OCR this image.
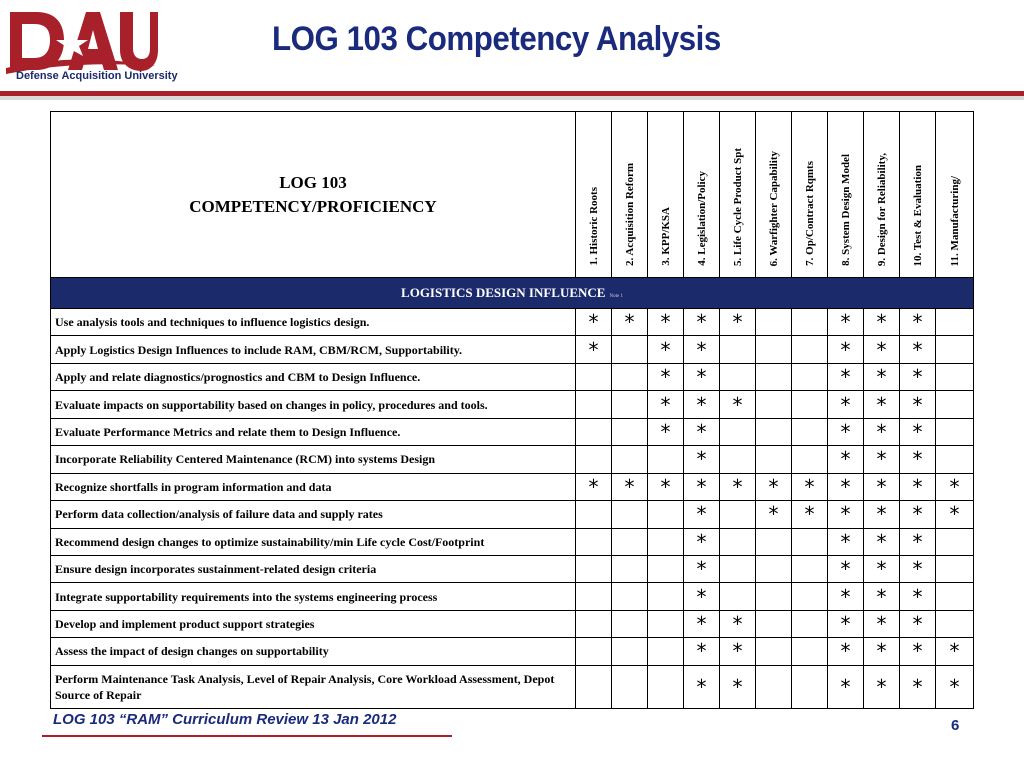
Defense Acquisition University
LOG 103 Competency Analysis
LOG 103
COMPETENCY/PROFICIENCY	1. Historic Roots	2. Acquisition Reform	3. KPP/KSA	4. Legislation/Policy	5. Life Cycle Product Spt	6. Warfighter Capability	7. Op/Contract Rqmts	8. System Design Model	9. Design for Reliability,	10. Test & Evaluation	11. Manufacturing/
LOGISTICS DESIGN INFLUENCE Note 1											
Use analysis tools and techniques to influence logistics design.	*	*	*	*	*			*	*	*	
Apply Logistics Design Influences to include RAM, CBM/RCM, Supportability.	*		*	*				*	*	*	
Apply and relate diagnostics/prognostics and CBM to Design Influence.			*	*				*	*	*	
Evaluate impacts on supportability based on changes in policy, procedures and tools.			*	*	*			*	*	*	
Evaluate Performance Metrics and relate them to Design Influence.			*	*				*	*	*	
Incorporate Reliability Centered Maintenance (RCM) into systems Design				*				*	*	*	
Recognize shortfalls in program information and data	*	*	*	*	*	*	*	*	*	*	*
Perform data collection/analysis of failure data and supply rates				*		*	*	*	*	*	*
Recommend design changes to optimize sustainability/min Life cycle Cost/Footprint				*				*	*	*	
Ensure design incorporates sustainment-related design criteria				*				*	*	*	
Integrate supportability requirements into the systems engineering process				*				*	*	*	
Develop and implement product support strategies				*	*			*	*	*	
Assess the impact of design changes on supportability				*	*			*	*	*	*
Perform Maintenance Task Analysis, Level of Repair Analysis, Core Workload Assessment, Depot Source of Repair				*	*			*	*	*	*
LOG 103 “RAM” Curriculum Review 13 Jan 2012	6
